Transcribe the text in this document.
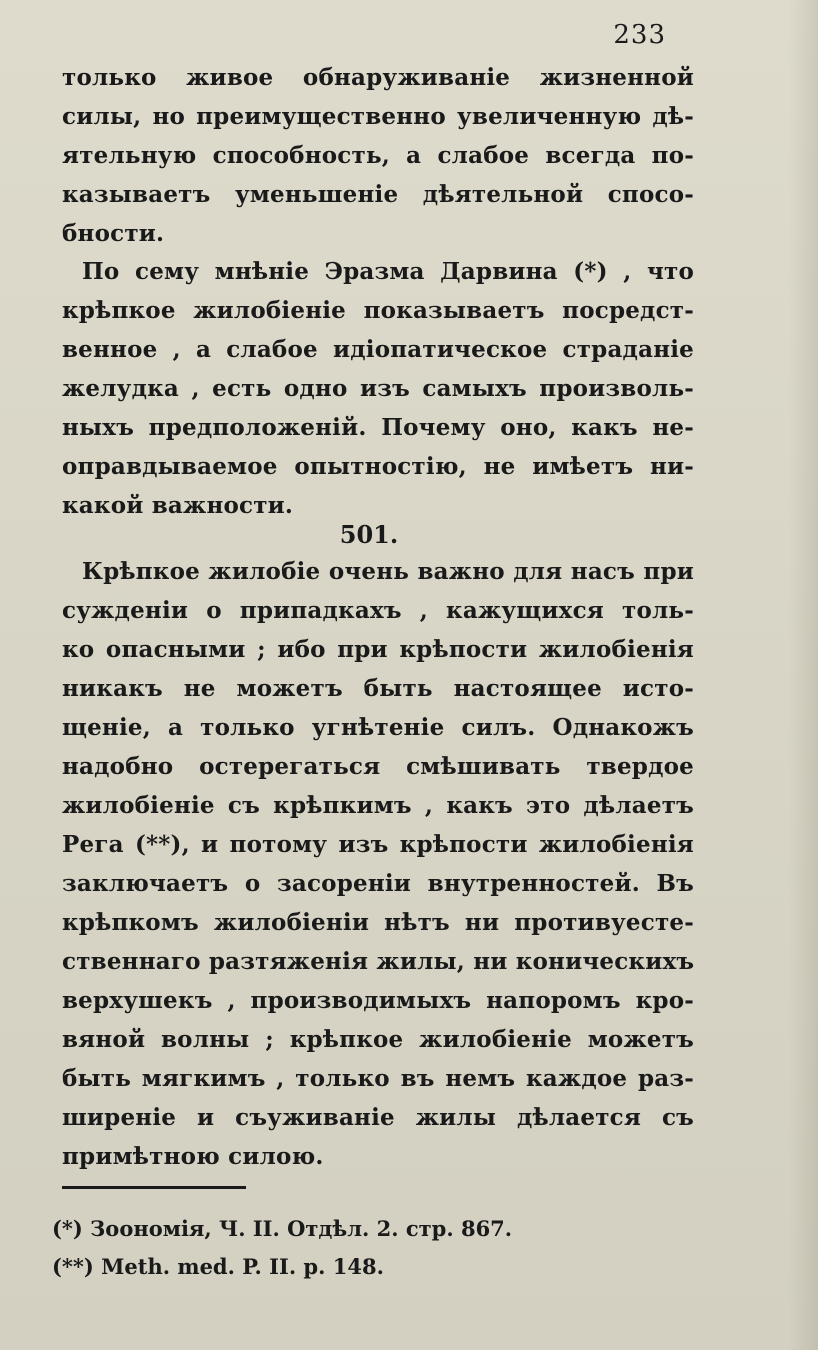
233
только живое обнаруживаніе жизненной
силы, но преимущественно увеличенную дѣ-
ятельную способность, а слабое всегда по-
казываетъ уменьшеніе дѣятельной спосо-
бности.
По сему мнѣніе Эразма Дарвина (*) , что
крѣпкое жилобіеніе показываетъ посредст-
венное , а слабое идіопатическое страданіе
желудка , есть одно изъ самыхъ произволь-
ныхъ предположеній. Почему оно, какъ не-
оправдываемое опытностію, не имѣетъ ни-
какой важности.
501.
Крѣпкое жилобіе очень важно для насъ при
сужденіи о припадкахъ , кажущихся толь-
ко опасными ; ибо при крѣпости жилобіенія
никакъ не можетъ быть настоящее исто-
щеніе, а только угнѣтеніе силъ. Однакожъ
надобно остерегаться смѣшивать твердое
жилобіеніе съ крѣпкимъ , какъ это дѣлаетъ
Рега (**), и потому изъ крѣпости жилобіенія
заключаетъ о засореніи внутренностей. Въ
крѣпкомъ жилобіеніи нѣтъ ни противуесте-
ственнаго разтяженія жилы, ни коническихъ
верхушекъ , производимыхъ напоромъ кро-
вяной волны ; крѣпкое жилобіеніе можетъ
быть мягкимъ , только въ немъ каждое раз-
ширеніе и съуживаніе жилы дѣлается съ
примѣтною силою.
(*) Зоономія, Ч. II. Отдѣл. 2. стр. 867.
(**) Meth. med. P. II. p. 148.
